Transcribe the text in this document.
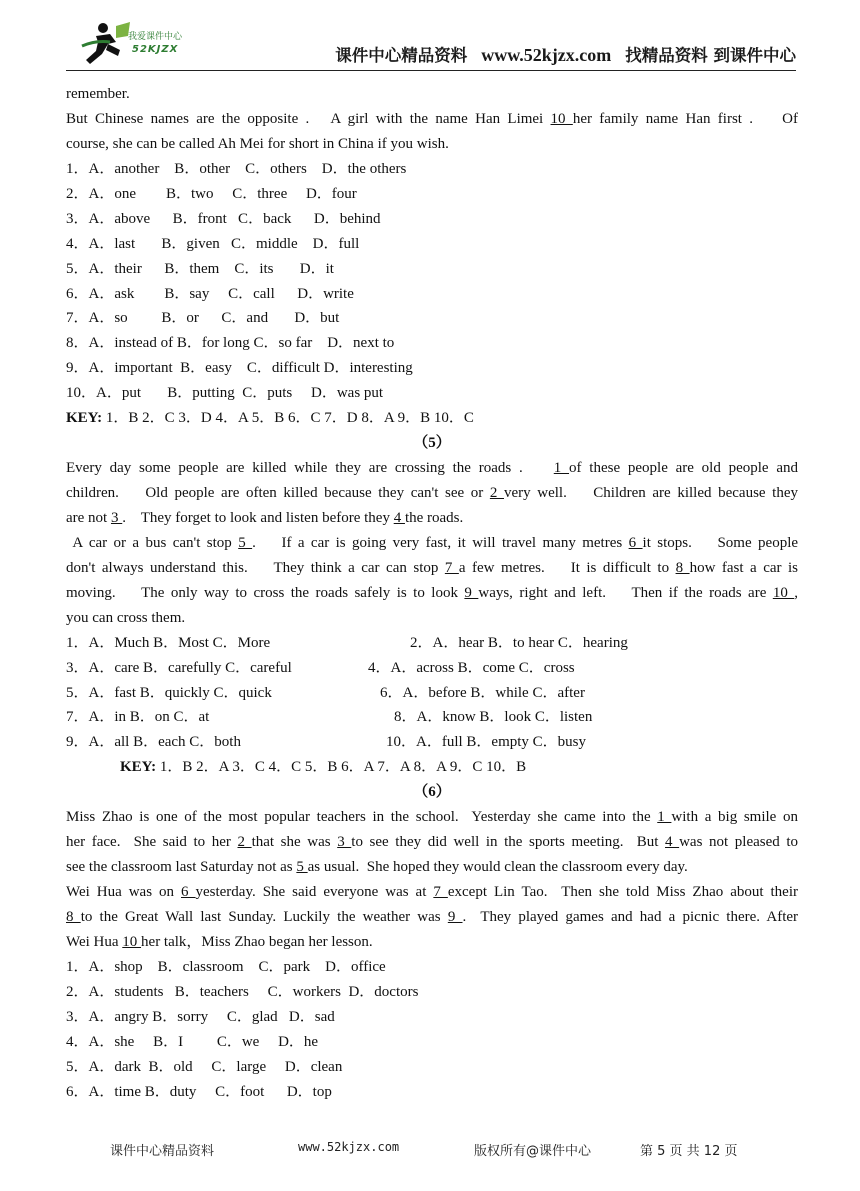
我爱课件中心
52KJZX	课件中心精品资料 www.52kjzx.com 找精品资料 到课件中心
remember.
But Chinese names are the opposite .   A girl with the name Han Limei 10 her family name Han first .    Of
course, she can be called Ah Mei for short in China if you wish.
1．A．another    B．other    C．others    D．the others
2．A．one        B．two     C．three     D．four
3．A．above      B．front   C．back      D．behind
4．A．last       B．given   C．middle    D．full
5．A．their      B．them    C．its       D．it
6．A．ask        B．say     C．call      D．write
7．A．so         B．or      C．and       D．but
8．A．instead of B．for long C．so far    D．next to
9．A．important  B．easy    C．difficult D．interesting
10．A．put       B．putting  C．puts     D．was put
KEY: 1．B 2．C 3．D 4．A 5．B 6．C 7．D 8．A 9．B 10．C
（5）
Every day some people are killed while they are crossing the roads .    1 of these people are old people and
children.    Old people are often killed because they can't see or 2 very well.    Children are killed because they
are not 3 .    They forget to look and listen before they 4 the roads.
A car or a bus can't stop 5 .    If a car is going very fast, it will travel many metres 6 it stops.    Some people
don't always understand this.    They think a car can stop 7 a few metres.    It is difficult to 8 how fast a car is
moving.    The only way to cross the roads safely is to look 9 ways, right and left.    Then if the roads are 10 ,
you can cross them.
1．A．Much B．Most C．More	2．A．hear B．to hear C．hearing
3．A．care B．carefully C．careful	4．A．across B．come C．cross
5．A．fast B．quickly C．quick	6．A．before B．while C．after
7．A．in B．on C．at	8．A．know B．look C．listen
9．A．all B．each C．both	10．A．full B．empty C．busy
KEY: 1．B 2．A 3．C 4．C 5．B 6．A 7．A 8．A 9．C 10．B
（6）
Miss Zhao is one of the most popular teachers in the school.  Yesterday she came into the 1 with a big smile on
her face.  She said to her 2 that she was 3 to see they did well in the sports meeting.  But 4 was not pleased to
see the classroom last Saturday not as 5 as usual.  She hoped they would clean the classroom every day.
Wei Hua was on 6 yesterday. She said everyone was at 7 except Lin Tao.  Then she told Miss Zhao about their
8 to the Great Wall last Sunday. Luckily the weather was 9 .  They played games and had a picnic there. After
Wei Hua 10 her talk，Miss Zhao began her lesson.
1．A．shop    B．classroom    C．park    D．office
2．A．students   B．teachers     C．workers  D．doctors
3．A．angry B．sorry     C．glad   D．sad
4．A．she     B．I         C．we     D．he
5．A．dark  B．old     C．large     D．clean
6．A．time B．duty     C．foot      D．top
课件中心精品资料	www.52kjzx.com	版权所有@课件中心	第 5 页 共 12 页
